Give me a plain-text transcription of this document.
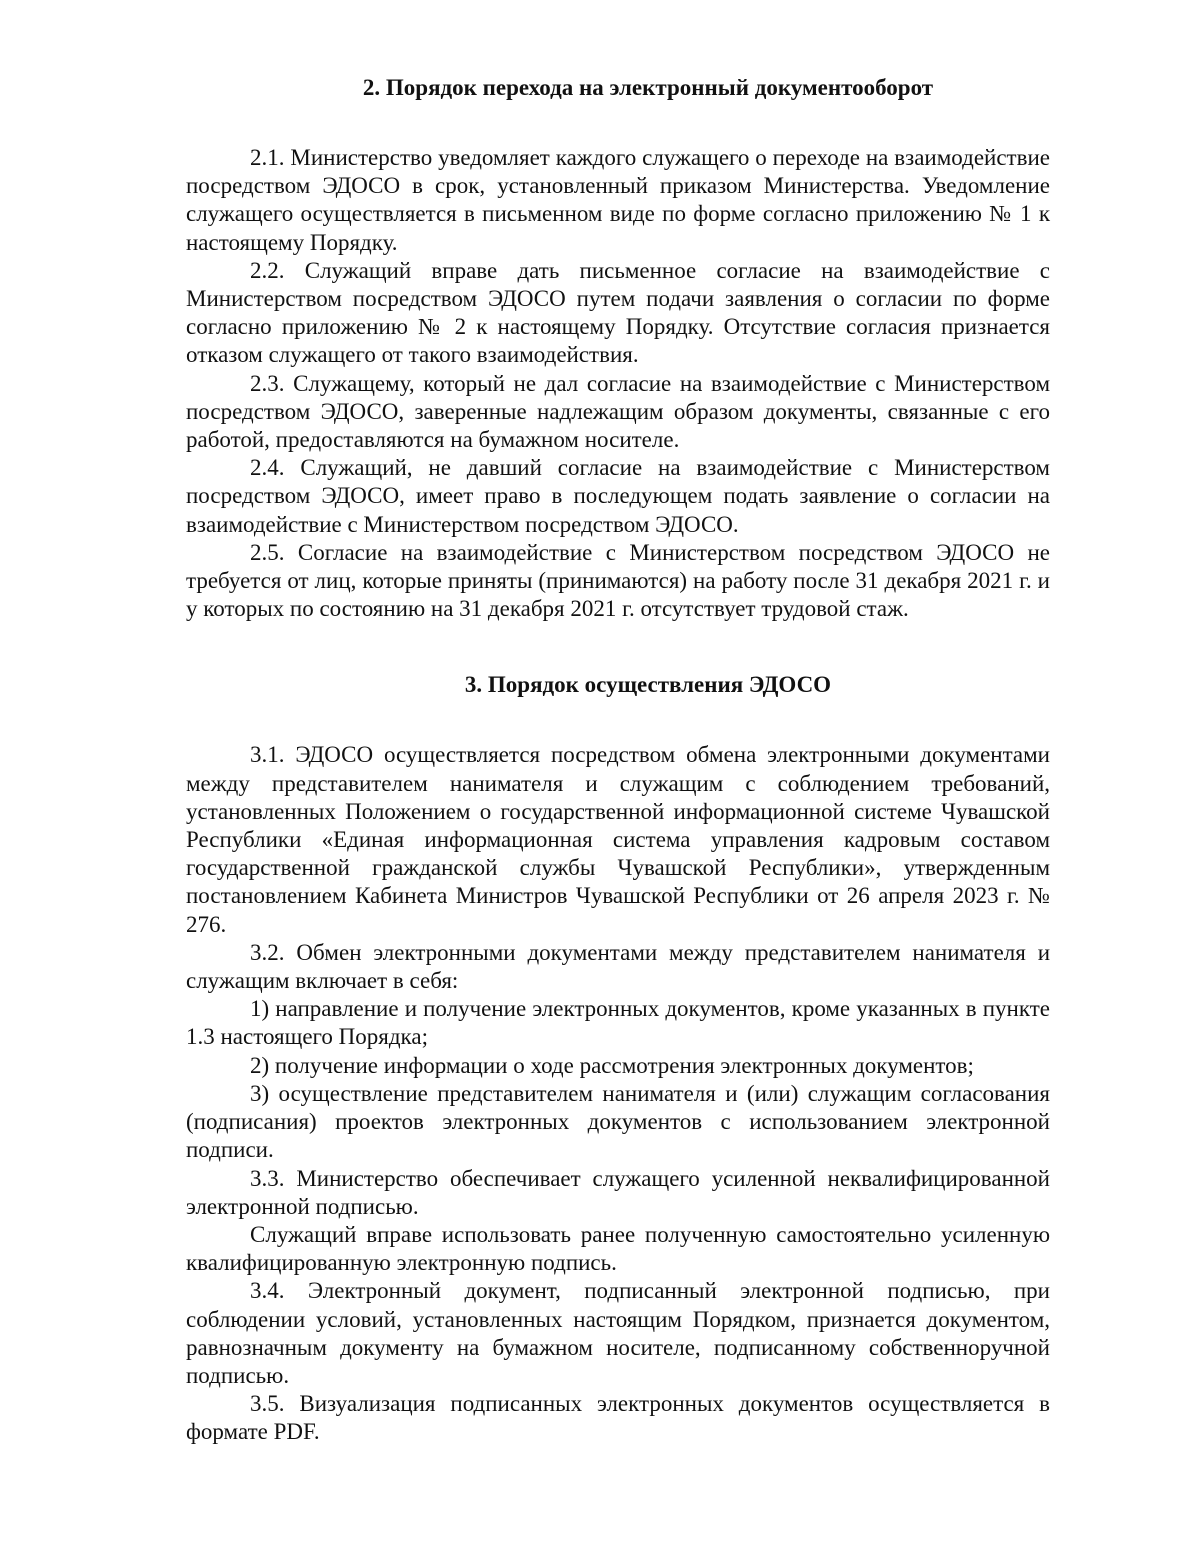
2. Порядок перехода на электронный документооборот

2.1. Министерство уведомляет каждого служащего о переходе на взаимодействие посредством ЭДОСО в срок, установленный приказом Министерства. Уведомление служащего осуществляется в письменном виде по форме согласно приложению № 1 к настоящему Порядку.

2.2. Служащий вправе дать письменное согласие на взаимодействие с Министерством посредством ЭДОСО путем подачи заявления о согласии по форме согласно приложению № 2 к настоящему Порядку. Отсутствие согласия признается отказом служащего от такого взаимодействия.

2.3. Служащему, который не дал согласие на взаимодействие с Министерством посредством ЭДОСО, заверенные надлежащим образом документы, связанные с его работой, предоставляются на бумажном носителе.

2.4. Служащий, не давший согласие на взаимодействие с Министерством посредством ЭДОСО, имеет право в последующем подать заявление о согласии на взаимодействие с Министерством посредством ЭДОСО.

2.5. Согласие на взаимодействие с Министерством посредством ЭДОСО не требуется от лиц, которые приняты (принимаются) на работу после 31 декабря 2021 г. и у которых по состоянию на 31 декабря 2021 г. отсутствует трудовой стаж.

3. Порядок осуществления ЭДОСО

3.1. ЭДОСО осуществляется посредством обмена электронными документами между представителем нанимателя и служащим с соблюдением требований, установленных Положением о государственной информационной системе Чувашской Республики «Единая информационная система управления кадровым составом государственной гражданской службы Чувашской Республики», утвержденным постановлением Кабинета Министров Чувашской Республики от 26 апреля 2023 г. № 276.

3.2. Обмен электронными документами между представителем нанимателя и служащим включает в себя:

1) направление и получение электронных документов, кроме указанных в пункте 1.3 настоящего Порядка;

2) получение информации о ходе рассмотрения электронных документов;

3) осуществление представителем нанимателя и (или) служащим согласования (подписания) проектов электронных документов с использованием электронной подписи.

3.3. Министерство обеспечивает служащего усиленной неквалифицированной электронной подписью.

Служащий вправе использовать ранее полученную самостоятельно усиленную квалифицированную электронную подпись.

3.4. Электронный документ, подписанный электронной подписью, при соблюдении условий, установленных настоящим Порядком, признается документом, равнозначным документу на бумажном носителе, подписанному собственноручной подписью.

3.5. Визуализация подписанных электронных документов осуществляется в формате PDF.
